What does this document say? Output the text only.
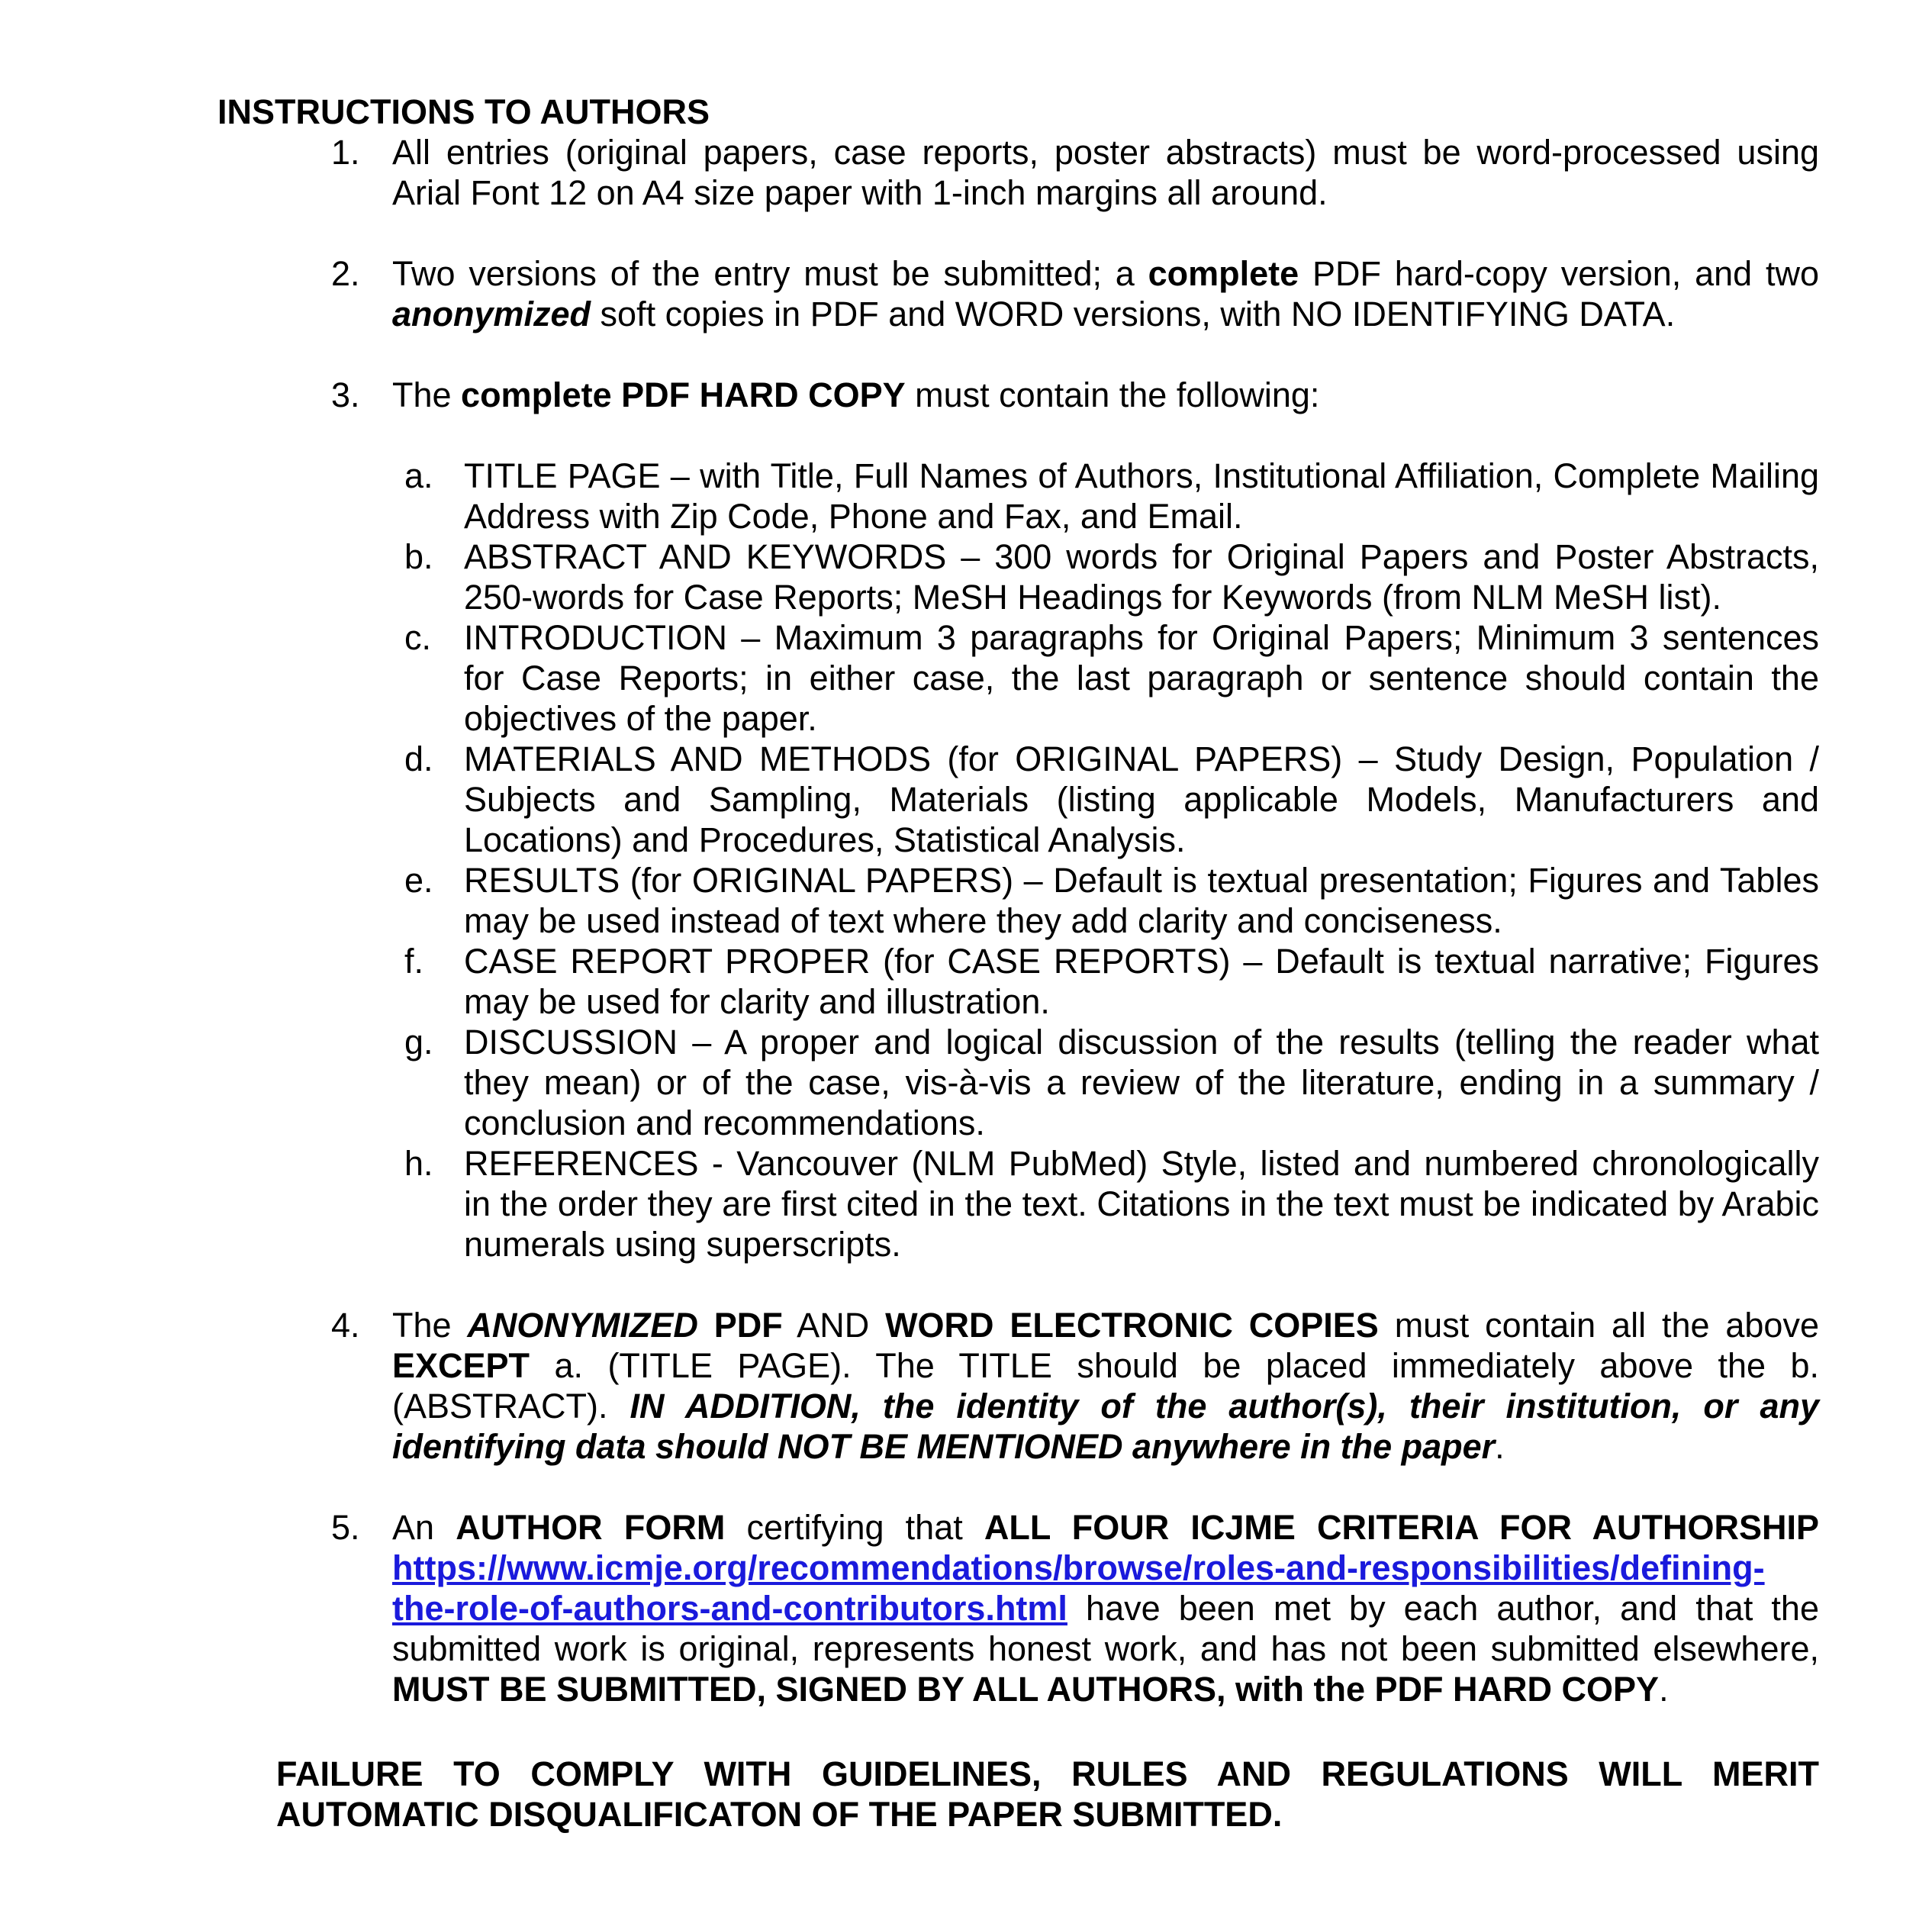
INSTRUCTIONS TO AUTHORS
1. All entries (original papers, case reports, poster abstracts) must be word-processed using Arial Font 12 on A4 size paper with 1-inch margins all around.
2. Two versions of the entry must be submitted; a complete PDF hard-copy version, and two anonymized soft copies in PDF and WORD versions, with NO IDENTIFYING DATA.
3. The complete PDF HARD COPY must contain the following:
a. TITLE PAGE – with Title, Full Names of Authors, Institutional Affiliation, Complete Mailing Address with Zip Code, Phone and Fax, and Email.
b. ABSTRACT AND KEYWORDS – 300 words for Original Papers and Poster Abstracts, 250-words for Case Reports; MeSH Headings for Keywords (from NLM MeSH list).
c. INTRODUCTION – Maximum 3 paragraphs for Original Papers; Minimum 3 sentences for Case Reports; in either case, the last paragraph or sentence should contain the objectives of the paper.
d. MATERIALS AND METHODS (for ORIGINAL PAPERS) – Study Design, Population / Subjects and Sampling, Materials (listing applicable Models, Manufacturers and Locations) and Procedures, Statistical Analysis.
e. RESULTS (for ORIGINAL PAPERS) – Default is textual presentation; Figures and Tables may be used instead of text where they add clarity and conciseness.
f.	CASE REPORT PROPER (for CASE REPORTS) – Default is textual narrative; Figures may be used for clarity and illustration.
g. DISCUSSION – A proper and logical discussion of the results (telling the reader what they mean) or of the case, vis-à-vis a review of the literature, ending in a summary / conclusion and recommendations.
h. REFERENCES - Vancouver (NLM PubMed) Style, listed and numbered chronologically in the order they are first cited in the text. Citations in the text must be indicated by Arabic numerals using superscripts.
4. The ANONYMIZED PDF AND WORD ELECTRONIC COPIES must contain all the above EXCEPT a. (TITLE PAGE). The TITLE should be placed immediately above the b. (ABSTRACT). IN ADDITION, the identity of the author(s), their institution, or any identifying data should NOT BE MENTIONED anywhere in the paper.
5. An AUTHOR FORM certifying that ALL FOUR ICJME CRITERIA FOR AUTHORSHIP
https://www.icmje.org/recommendations/browse/roles-and-responsibilities/defining-
the-role-of-authors-and-contributors.html have been met by each author, and that the submitted work is original, represents honest work, and has not been submitted elsewhere, MUST BE SUBMITTED, SIGNED BY ALL AUTHORS, with the PDF HARD COPY.
FAILURE TO COMPLY WITH GUIDELINES, RULES AND REGULATIONS WILL MERIT
AUTOMATIC DISQUALIFICATON OF THE PAPER SUBMITTED.
